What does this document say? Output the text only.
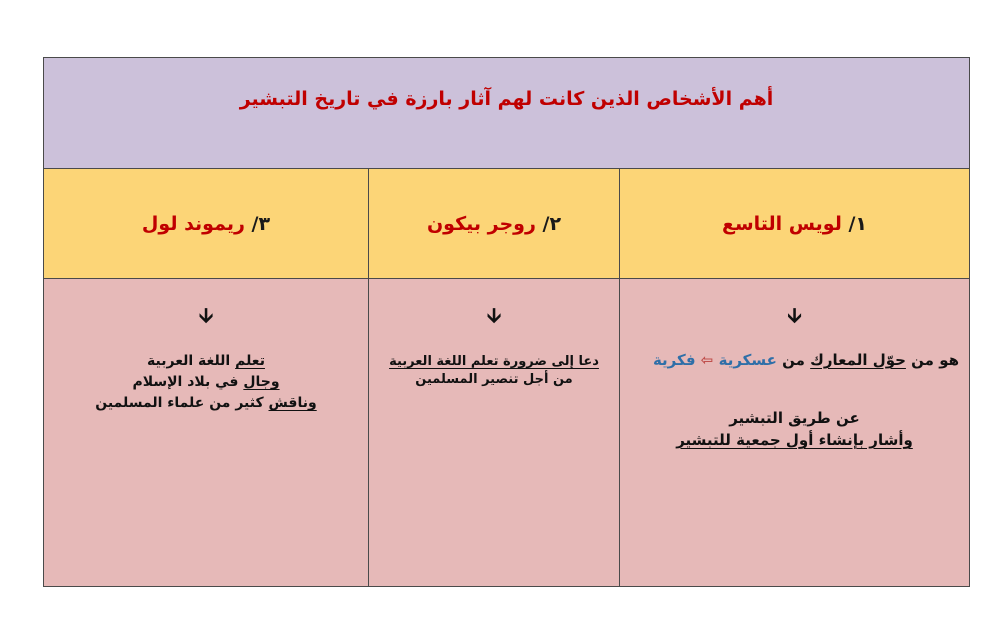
أهم الأشخاص الذين كانت لهم آثار بارزة في تاريخ التبشير
٣/

ريموند لول	٢/

روجر بيكون	١/

لويس التاسع
🡫
تعلم اللغة العربية
وجال في بلاد الإسلام
وناقش كثير من علماء المسلمين
🡫
دعا إلى ضرورة تعلم اللغة العربية
من أجل تنصير المسلمين
🡫
هو من حوّل المعارك من عسكرية ⇦ فكرية
عن طريق التبشير
وأشار بإنشاء أول جمعية للتبشير
